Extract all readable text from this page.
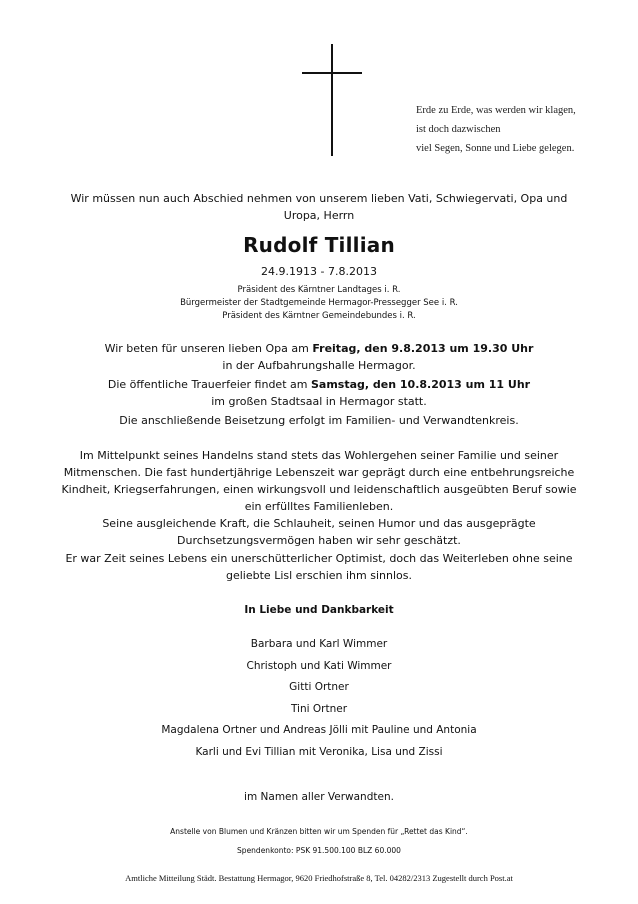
Erde zu Erde, was werden wir klagen,
ist doch dazwischen
viel Segen, Sonne und Liebe gelegen.
Wir müssen nun auch Abschied nehmen von unserem lieben Vati, Schwiegervati, Opa und
Uropa, Herrn
Rudolf Tillian
24.9.1913 - 7.8.2013
Präsident des Kärntner Landtages i. R.
Bürgermeister der Stadtgemeinde Hermagor-Pressegger See i. R.
Präsident des Kärntner Gemeindebundes i. R.
Wir beten für unseren lieben Opa am Freitag, den 9.8.2013 um 19.30 Uhr
in der Aufbahrungshalle Hermagor.
Die öffentliche Trauerfeier findet am Samstag, den 10.8.2013 um 11 Uhr
im großen Stadtsaal in Hermagor statt.
Die anschließende Beisetzung erfolgt im Familien- und Verwandtenkreis.
Im Mittelpunkt seines Handelns stand stets das Wohlergehen seiner Familie und seiner
Mitmenschen. Die fast hundertjährige Lebenszeit war geprägt durch eine entbehrungsreiche
Kindheit, Kriegserfahrungen, einen wirkungsvoll und leidenschaftlich ausgeübten Beruf sowie
ein erfülltes Familienleben.
Seine ausgleichende Kraft, die Schlauheit, seinen Humor und das ausgeprägte
Durchsetzungsvermögen haben wir sehr geschätzt.
Er war Zeit seines Lebens ein unerschütterlicher Optimist, doch das Weiterleben ohne seine
geliebte Lisl erschien ihm sinnlos.
In Liebe und Dankbarkeit
Barbara und Karl Wimmer
Christoph und Kati Wimmer
Gitti Ortner
Tini Ortner
Magdalena Ortner und Andreas Jölli mit Pauline und Antonia
Karli und Evi Tillian mit Veronika, Lisa und Zissi
im Namen aller Verwandten.
Anstelle von Blumen und Kränzen bitten wir um Spenden für „Rettet das Kind“.
Spendenkonto: PSK 91.500.100 BLZ 60.000
Amtliche Mitteilung Städt. Bestattung Hermagor, 9620 Friedhofstraße 8, Tel. 04282/2313 Zugestellt durch Post.at
